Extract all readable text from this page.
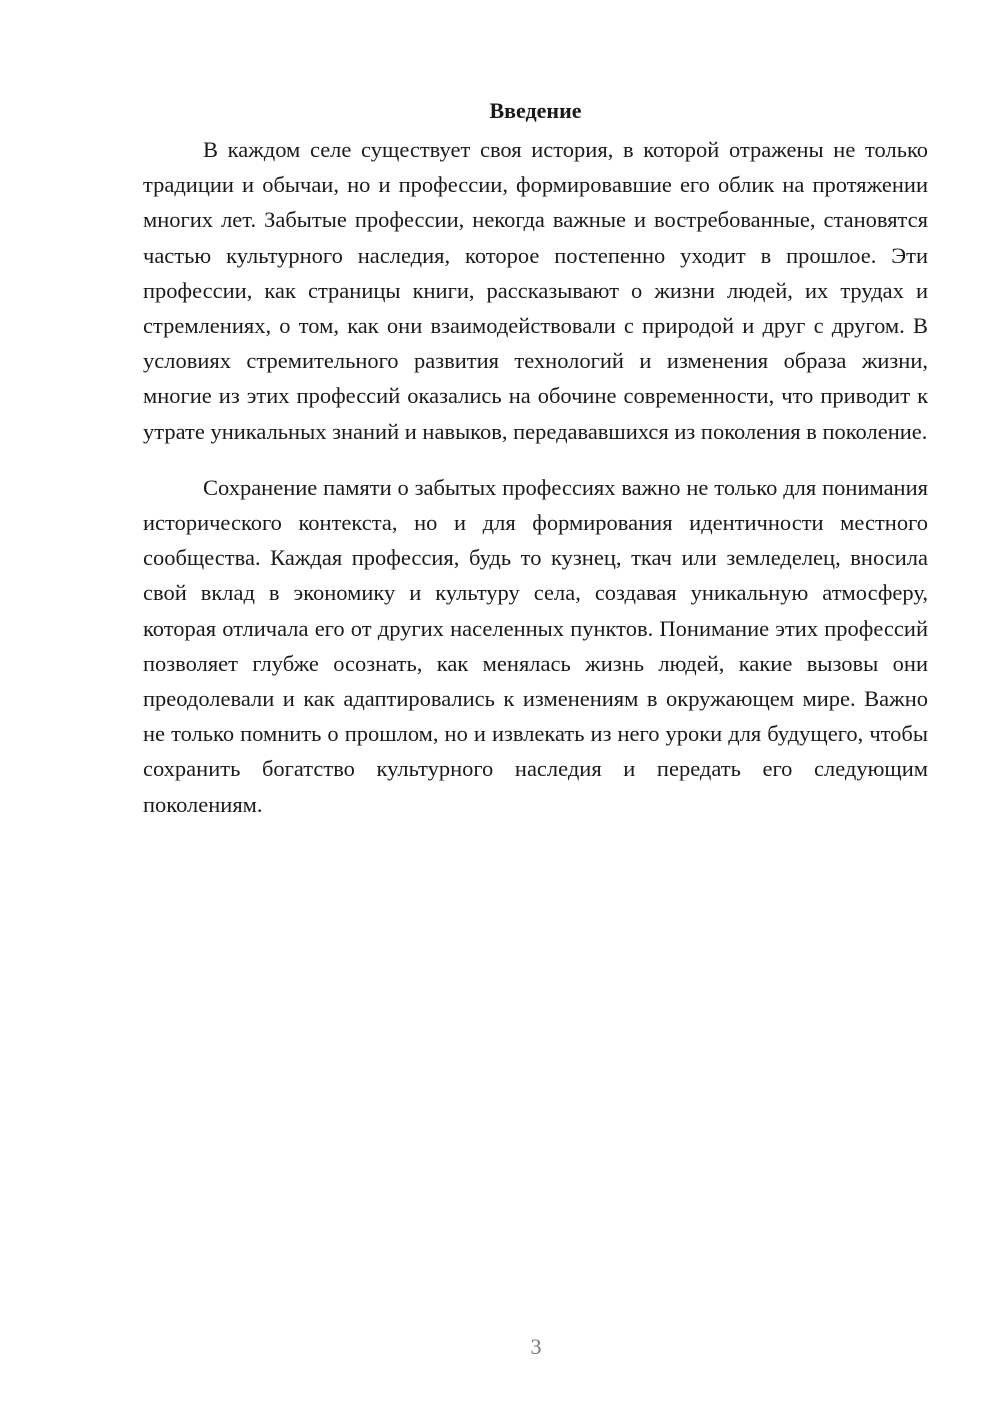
Введение

В каждом селе существует своя история, в которой отражены не только традиции и обычаи, но и профессии, формировавшие его облик на протяжении многих лет. Забытые профессии, некогда важные и востребованные, становятся частью культурного наследия, которое постепенно уходит в прошлое. Эти профессии, как страницы книги, рассказывают о жизни людей, их трудах и стремлениях, о том, как они взаимодействовали с природой и друг с другом. В условиях стремительного развития технологий и изменения образа жизни, многие из этих профессий оказались на обочине современности, что приводит к утрате уникальных знаний и навыков, передававшихся из поколения в поколение.

Сохранение памяти о забытых профессиях важно не только для понимания исторического контекста, но и для формирования идентичности местного сообщества. Каждая профессия, будь то кузнец, ткач или земледелец, вносила свой вклад в экономику и культуру села, создавая уникальную атмосферу, которая отличала его от других населенных пунктов. Понимание этих профессий позволяет глубже осознать, как менялась жизнь людей, какие вызовы они преодолевали и как адаптировались к изменениям в окружающем мире. Важно не только помнить о прошлом, но и извлекать из него уроки для будущего, чтобы сохранить богатство культурного наследия и передать его следующим поколениям.

3
